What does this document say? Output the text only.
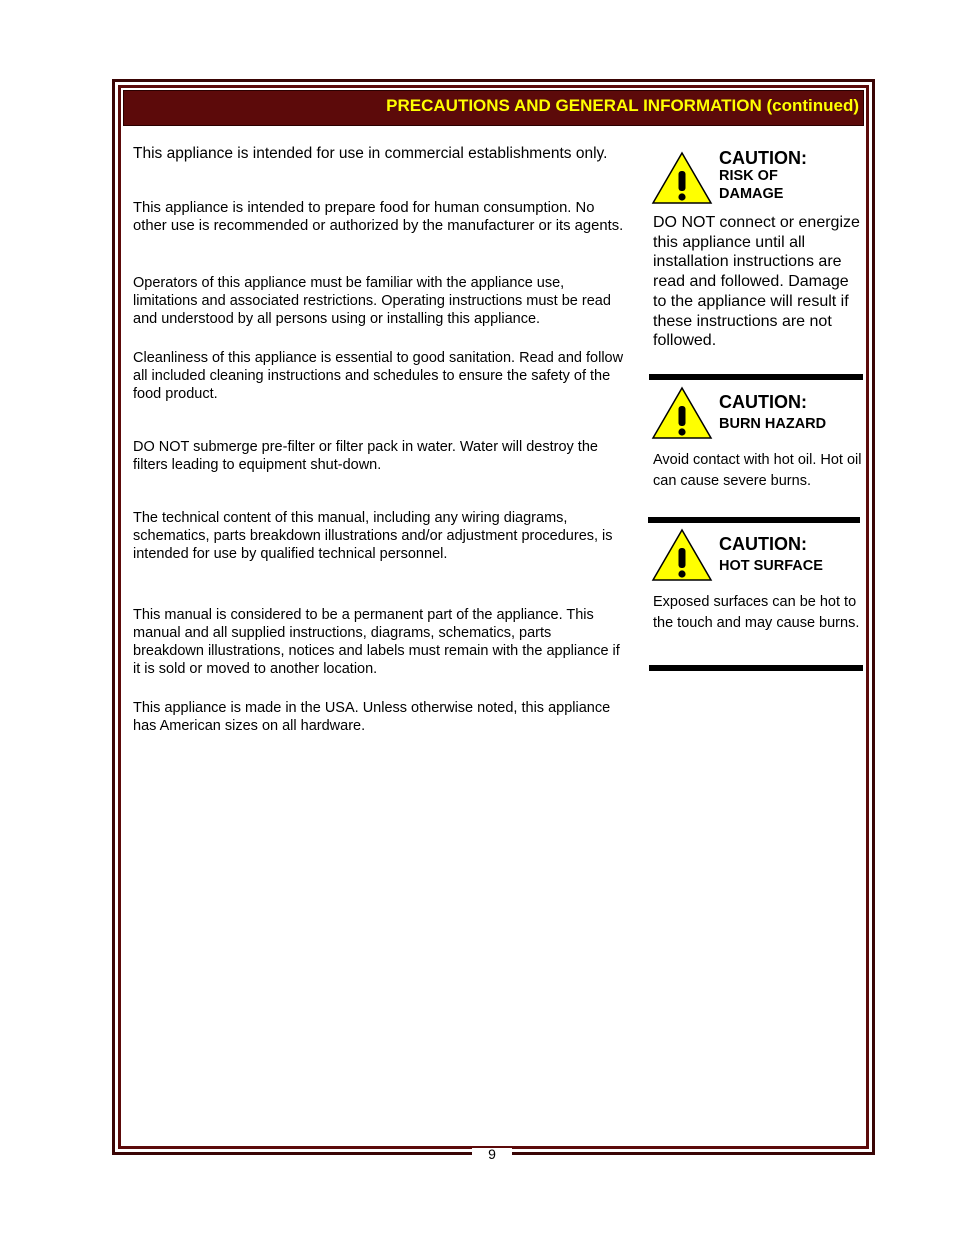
PRECAUTIONS AND GENERAL INFORMATION (continued)

This appliance is intended for use in commercial establishments only.

This appliance is intended to prepare food for human consumption. No other use is recommended or authorized by the manufacturer or its agents.

Operators of this appliance must be familiar with the appliance use, limitations and associated restrictions. Operating instructions must be read and understood by all persons using or installing this appliance.

Cleanliness of this appliance is essential to good sanitation. Read and follow all included cleaning instructions and schedules to ensure the safety of the food product.

DO NOT submerge pre-filter or filter pack in water. Water will destroy the filters leading to equipment shut-down.

The technical content of this manual, including any wiring diagrams, schematics, parts breakdown illustrations and/or adjustment procedures, is intended for use by qualified technical personnel.

This manual is considered to be a permanent part of the appliance. This manual and all supplied instructions, diagrams, schematics, parts breakdown illustrations, notices and labels must remain with the appliance if it is sold or moved to another location.

This appliance is made in the USA. Unless otherwise noted, this appliance has American sizes on all hardware.

CAUTION:
RISK OF DAMAGE

DO NOT connect or energize this appliance until all installation instructions are read and followed. Damage to the appliance will result if these instructions are not followed.

CAUTION:
BURN HAZARD

Avoid contact with hot oil. Hot oil can cause severe burns.

CAUTION:
HOT SURFACE

Exposed surfaces can be hot to the touch and may cause burns.

9
